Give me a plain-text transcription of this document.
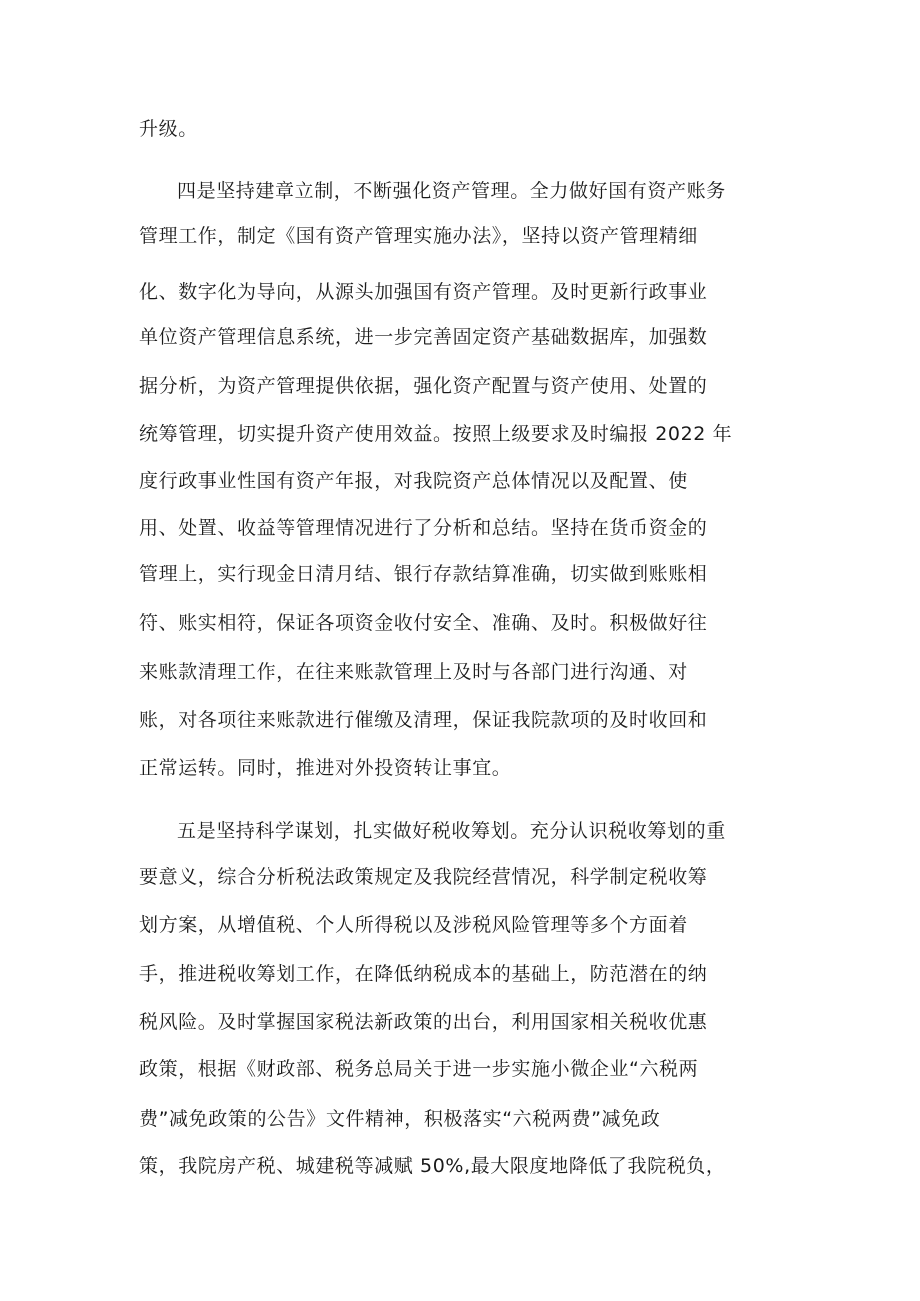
升级。

四是坚持建章立制，不断强化资产管理。全力做好国有资产账务

管理工作，制定《国有资产管理实施办法》，坚持以资产管理精细

化、数字化为导向，从源头加强国有资产管理。及时更新行政事业

单位资产管理信息系统，进一步完善固定资产基础数据库，加强数

据分析，为资产管理提供依据，强化资产配置与资产使用、处置的

统筹管理，切实提升资产使用效益。按照上级要求及时编报 2022 年

度行政事业性国有资产年报，对我院资产总体情况以及配置、使

用、处置、收益等管理情况进行了分析和总结。坚持在货币资金的

管理上，实行现金日清月结、银行存款结算准确，切实做到账账相

符、账实相符，保证各项资金收付安全、准确、及时。积极做好往

来账款清理工作，在往来账款管理上及时与各部门进行沟通、对

账，对各项往来账款进行催缴及清理，保证我院款项的及时收回和

正常运转。同时，推进对外投资转让事宜。

五是坚持科学谋划，扎实做好税收筹划。充分认识税收筹划的重

要意义，综合分析税法政策规定及我院经营情况，科学制定税收筹

划方案，从增值税、个人所得税以及涉税风险管理等多个方面着

手，推进税收筹划工作，在降低纳税成本的基础上，防范潜在的纳

税风险。及时掌握国家税法新政策的出台，利用国家相关税收优惠

政策，根据《财政部、税务总局关于进一步实施小微企业“六税两

费”减免政策的公告》文件精神，积极落实“六税两费”减免政

策，我院房产税、城建税等减赋 50%,最大限度地降低了我院税负，
